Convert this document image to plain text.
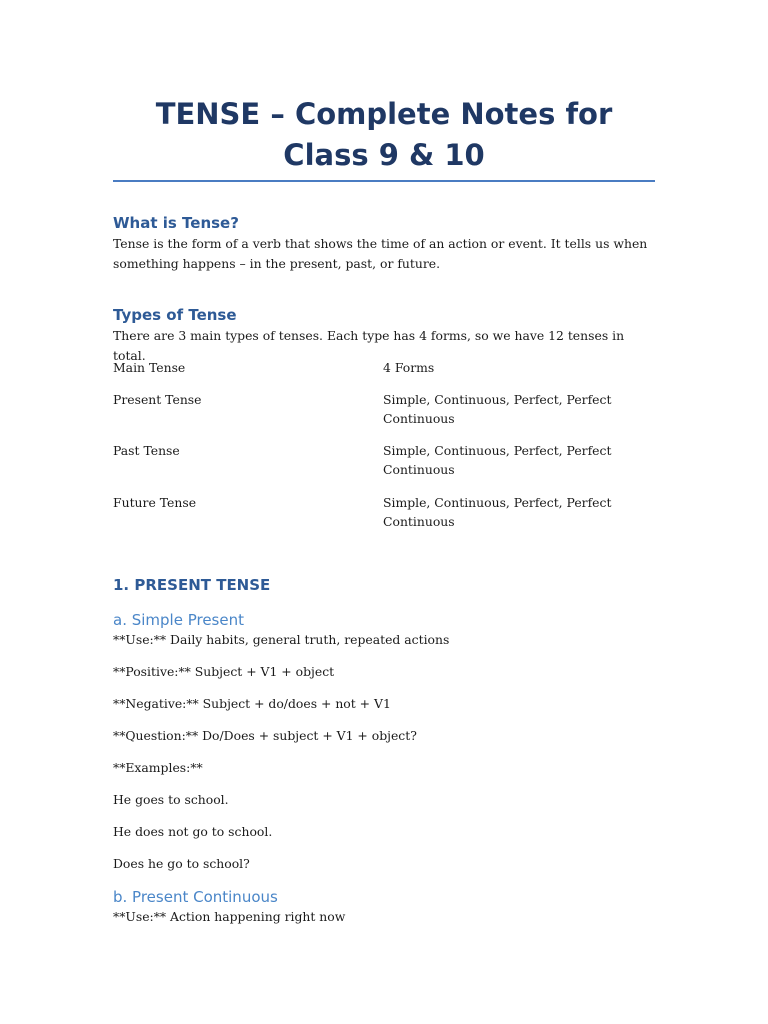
TENSE – Complete Notes for Class 9 & 10
What is Tense?

Tense is the form of a verb that shows the time of an action or event. It tells us when something happens – in the present, past, or future.

Types of Tense

There are 3 main types of tenses. Each type has 4 forms, so we have 12 tenses in total.

Main Tense	4 Forms
Present Tense	Simple, Continuous, Perfect, Perfect Continuous
Past Tense	Simple, Continuous, Perfect, Perfect Continuous
Future Tense	Simple, Continuous, Perfect, Perfect Continuous
1. PRESENT TENSE
a. Simple Present

**Use:** Daily habits, general truth, repeated actions

**Positive:** Subject + V1 + object

**Negative:** Subject + do/does + not + V1

**Question:** Do/Does + subject + V1 + object?

**Examples:**

He goes to school.

He does not go to school.

Does he go to school?

b. Present Continuous

**Use:** Action happening right now
